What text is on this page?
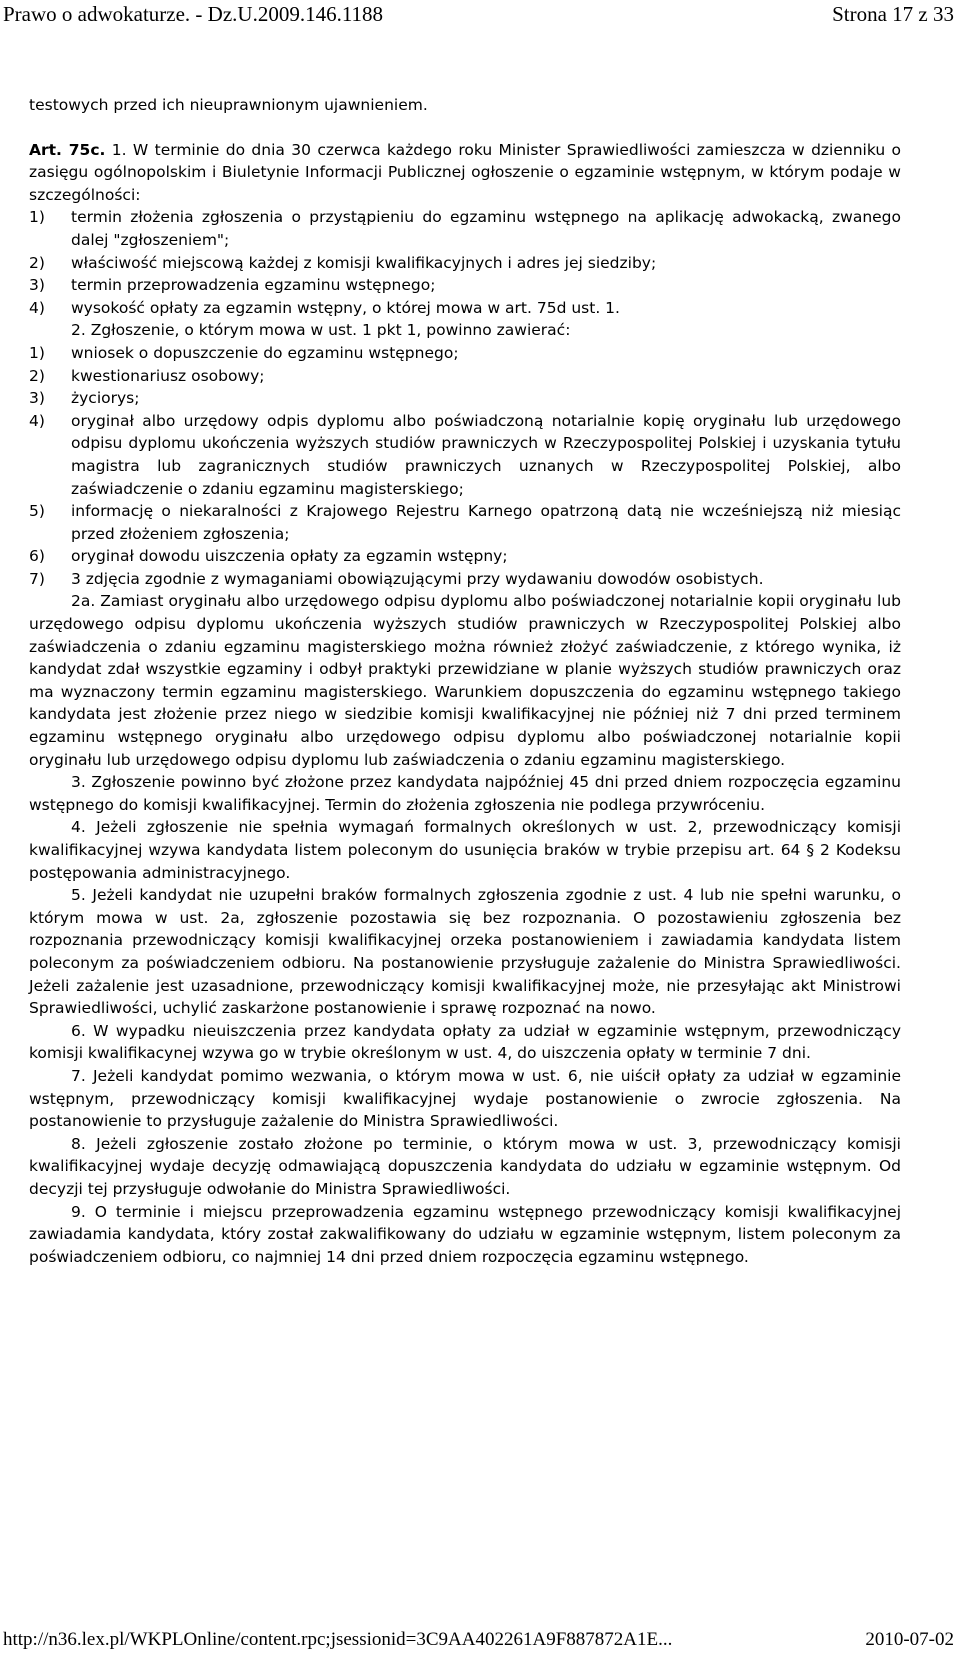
Prawo o adwokaturze. - Dz.U.2009.146.1188	Strona 17 z 33

testowych przed ich nieuprawnionym ujawnieniem.

Art. 75c. 1. W terminie do dnia 30 czerwca każdego roku Minister Sprawiedliwości zamieszcza w dzienniku o zasięgu ogólnopolskim i Biuletynie Informacji Publicznej ogłoszenie o egzaminie wstępnym, w którym podaje w szczególności:

1)	termin złożenia zgłoszenia o przystąpieniu do egzaminu wstępnego na aplikację adwokacką, zwanego dalej "zgłoszeniem";
2)	właściwość miejscową każdej z komisji kwalifikacyjnych i adres jej siedziby;
3)	termin przeprowadzenia egzaminu wstępnego;
4)	wysokość opłaty za egzamin wstępny, o której mowa w art. 75d ust. 1.

2. Zgłoszenie, o którym mowa w ust. 1 pkt 1, powinno zawierać:

1)	wniosek o dopuszczenie do egzaminu wstępnego;
2)	kwestionariusz osobowy;
3)	życiorys;
4)	oryginał albo urzędowy odpis dyplomu albo poświadczoną notarialnie kopię oryginału lub urzędowego odpisu dyplomu ukończenia wyższych studiów prawniczych w Rzeczypospolitej Polskiej i uzyskania tytułu magistra lub zagranicznych studiów prawniczych uznanych w Rzeczypospolitej Polskiej, albo zaświadczenie o zdaniu egzaminu magisterskiego;
5)	informację o niekaralności z Krajowego Rejestru Karnego opatrzoną datą nie wcześniejszą niż miesiąc przed złożeniem zgłoszenia;
6)	oryginał dowodu uiszczenia opłaty za egzamin wstępny;
7)	3 zdjęcia zgodnie z wymaganiami obowiązującymi przy wydawaniu dowodów osobistych.

2a. Zamiast oryginału albo urzędowego odpisu dyplomu albo poświadczonej notarialnie kopii oryginału lub urzędowego odpisu dyplomu ukończenia wyższych studiów prawniczych w Rzeczypospolitej Polskiej albo zaświadczenia o zdaniu egzaminu magisterskiego można również złożyć zaświadczenie, z którego wynika, iż kandydat zdał wszystkie egzaminy i odbył praktyki przewidziane w planie wyższych studiów prawniczych oraz ma wyznaczony termin egzaminu magisterskiego. Warunkiem dopuszczenia do egzaminu wstępnego takiego kandydata jest złożenie przez niego w siedzibie komisji kwalifikacyjnej nie później niż 7 dni przed terminem egzaminu wstępnego oryginału albo urzędowego odpisu dyplomu albo poświadczonej notarialnie kopii oryginału lub urzędowego odpisu dyplomu lub zaświadczenia o zdaniu egzaminu magisterskiego.

3. Zgłoszenie powinno być złożone przez kandydata najpóźniej 45 dni przed dniem rozpoczęcia egzaminu wstępnego do komisji kwalifikacyjnej. Termin do złożenia zgłoszenia nie podlega przywróceniu.

4. Jeżeli zgłoszenie nie spełnia wymagań formalnych określonych w ust. 2, przewodniczący komisji kwalifikacyjnej wzywa kandydata listem poleconym do usunięcia braków w trybie przepisu art. 64 § 2 Kodeksu postępowania administracyjnego.

5. Jeżeli kandydat nie uzupełni braków formalnych zgłoszenia zgodnie z ust. 4 lub nie spełni warunku, o którym mowa w ust. 2a, zgłoszenie pozostawia się bez rozpoznania. O pozostawieniu zgłoszenia bez rozpoznania przewodniczący komisji kwalifikacyjnej orzeka postanowieniem i zawiadamia kandydata listem poleconym za poświadczeniem odbioru. Na postanowienie przysługuje zażalenie do Ministra Sprawiedliwości. Jeżeli zażalenie jest uzasadnione, przewodniczący komisji kwalifikacyjnej może, nie przesyłając akt Ministrowi Sprawiedliwości, uchylić zaskarżone postanowienie i sprawę rozpoznać na nowo.

6. W wypadku nieuiszczenia przez kandydata opłaty za udział w egzaminie wstępnym, przewodniczący komisji kwalifikacynej wzywa go w trybie określonym w ust. 4, do uiszczenia opłaty w terminie 7 dni.

7. Jeżeli kandydat pomimo wezwania, o którym mowa w ust. 6, nie uiścił opłaty za udział w egzaminie wstępnym, przewodniczący komisji kwalifikacyjnej wydaje postanowienie o zwrocie zgłoszenia. Na postanowienie to przysługuje zażalenie do Ministra Sprawiedliwości.

8. Jeżeli zgłoszenie zostało złożone po terminie, o którym mowa w ust. 3, przewodniczący komisji kwalifikacyjnej wydaje decyzję odmawiającą dopuszczenia kandydata do udziału w egzaminie wstępnym. Od decyzji tej przysługuje odwołanie do Ministra Sprawiedliwości.

9. O terminie i miejscu przeprowadzenia egzaminu wstępnego przewodniczący komisji kwalifikacyjnej zawiadamia kandydata, który został zakwalifikowany do udziału w egzaminie wstępnym, listem poleconym za poświadczeniem odbioru, co najmniej 14 dni przed dniem rozpoczęcia egzaminu wstępnego.

http://n36.lex.pl/WKPLOnline/content.rpc;jsessionid=3C9AA402261A9F887872A1E...	2010-07-02
